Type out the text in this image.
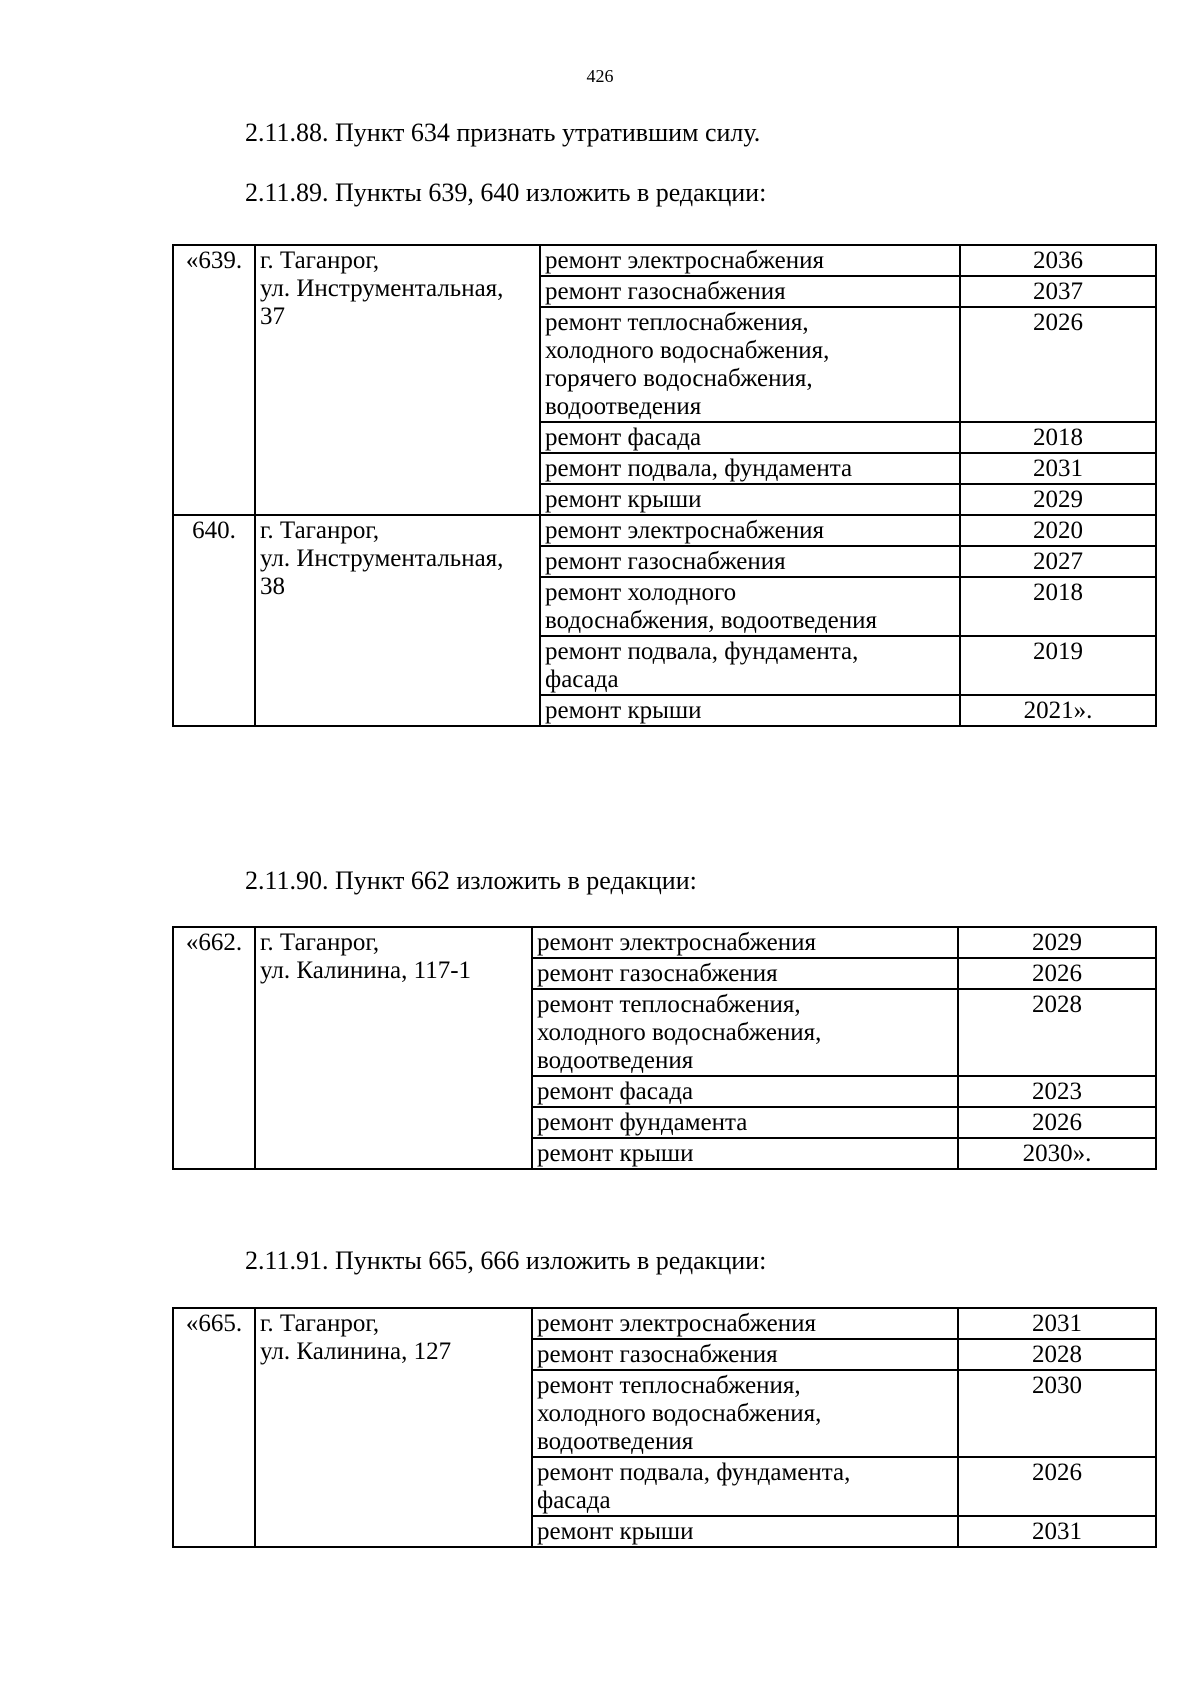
426
2.11.88. Пункт 634 признать утратившим силу.
2.11.89. Пункты 639, 640 изложить в редакции:
«639.	г. Таганрог,
ул. Инструментальная,
37	ремонт электроснабжения	2036

		ремонт газоснабжения	2037

		ремонт теплоснабжения,
холодного водоснабжения,
горячего водоснабжения,
водоотведения	2026

		ремонт фасада	2018

		ремонт подвала, фундамента	2031

		ремонт крыши	2029
640.	г. Таганрог,
ул. Инструментальная,
38	ремонт электроснабжения	2020

		ремонт газоснабжения	2027

		ремонт холодного
водоснабжения, водоотведения	2018

		ремонт подвала, фундамента,
фасада	2019

		ремонт крыши	2021».
2.11.90. Пункт 662 изложить в редакции:
«662.	г. Таганрог,
ул. Калинина, 117-1	ремонт электроснабжения	2029

		ремонт газоснабжения	2026

		ремонт теплоснабжения,
холодного водоснабжения,
водоотведения	2028

		ремонт фасада	2023

		ремонт фундамента	2026

		ремонт крыши	2030».
2.11.91. Пункты 665, 666 изложить в редакции:
«665.	г. Таганрог,
ул. Калинина, 127	ремонт электроснабжения	2031

		ремонт газоснабжения	2028

		ремонт теплоснабжения,
холодного водоснабжения,
водоотведения	2030

		ремонт подвала, фундамента,
фасада	2026

		ремонт крыши	2031
